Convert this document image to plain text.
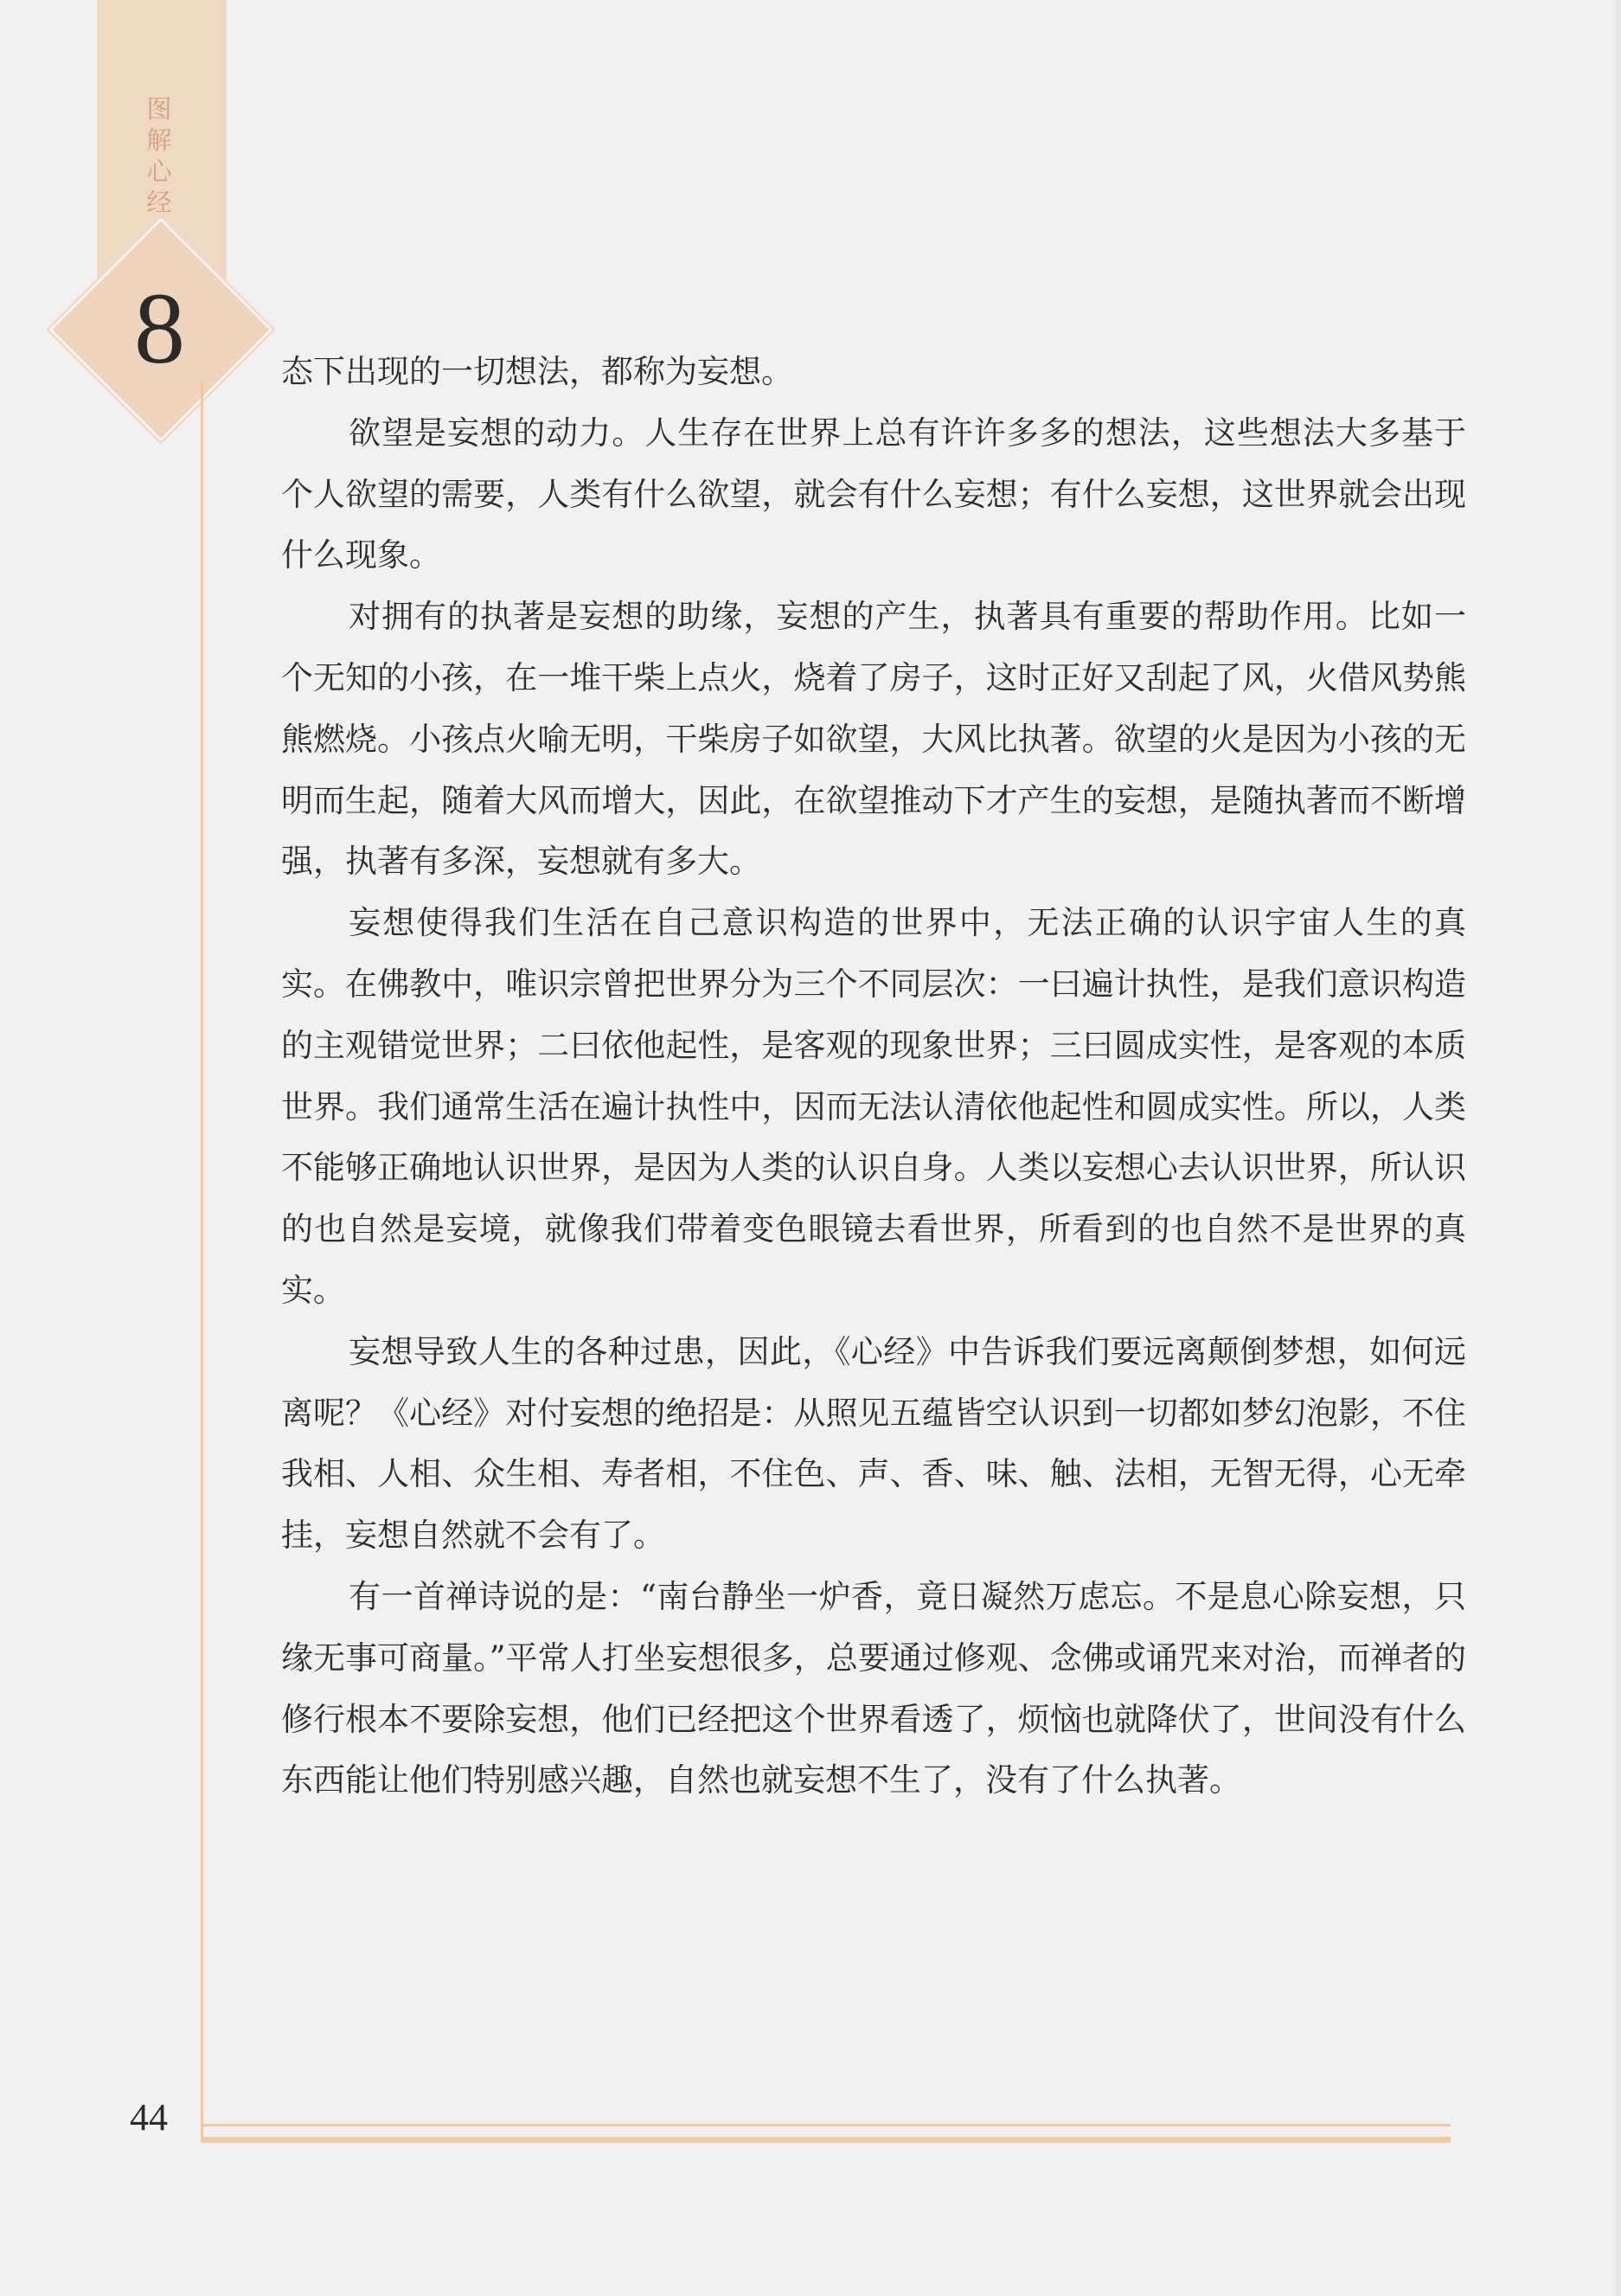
图
解
心
经
8
44

态下出现的一切想法，都称为妄想。

欲望是妄想的动力。人生存在世界上总有许许多多的想法，这些想法大多基于个人欲望的需要，人类有什么欲望，就会有什么妄想；有什么妄想，这世界就会出现什么现象。

对拥有的执著是妄想的助缘，妄想的产生，执著具有重要的帮助作用。比如一个无知的小孩，在一堆干柴上点火，烧着了房子，这时正好又刮起了风，火借风势熊熊燃烧。小孩点火喻无明，干柴房子如欲望，大风比执著。欲望的火是因为小孩的无明而生起，随着大风而增大，因此，在欲望推动下才产生的妄想，是随执著而不断增强，执著有多深，妄想就有多大。

妄想使得我们生活在自己意识构造的世界中，无法正确的认识宇宙人生的真实。在佛教中，唯识宗曾把世界分为三个不同层次：一曰遍计执性，是我们意识构造的主观错觉世界；二曰依他起性，是客观的现象世界；三曰圆成实性，是客观的本质世界。我们通常生活在遍计执性中，因而无法认清依他起性和圆成实性。所以，人类不能够正确地认识世界，是因为人类的认识自身。人类以妄想心去认识世界，所认识的也自然是妄境，就像我们带着变色眼镜去看世界，所看到的也自然不是世界的真实。

妄想导致人生的各种过患，因此，《心经》中告诉我们要远离颠倒梦想，如何远离呢？《心经》对付妄想的绝招是：从照见五蕴皆空认识到一切都如梦幻泡影，不住我相、人相、众生相、寿者相，不住色、声、香、味、触、法相，无智无得，心无牵挂，妄想自然就不会有了。

有一首禅诗说的是：“南台静坐一炉香，竟日凝然万虑忘。不是息心除妄想，只缘无事可商量。”平常人打坐妄想很多，总要通过修观、念佛或诵咒来对治，而禅者的修行根本不要除妄想，他们已经把这个世界看透了，烦恼也就降伏了，世间没有什么东西能让他们特别感兴趣，自然也就妄想不生了，没有了什么执著。
